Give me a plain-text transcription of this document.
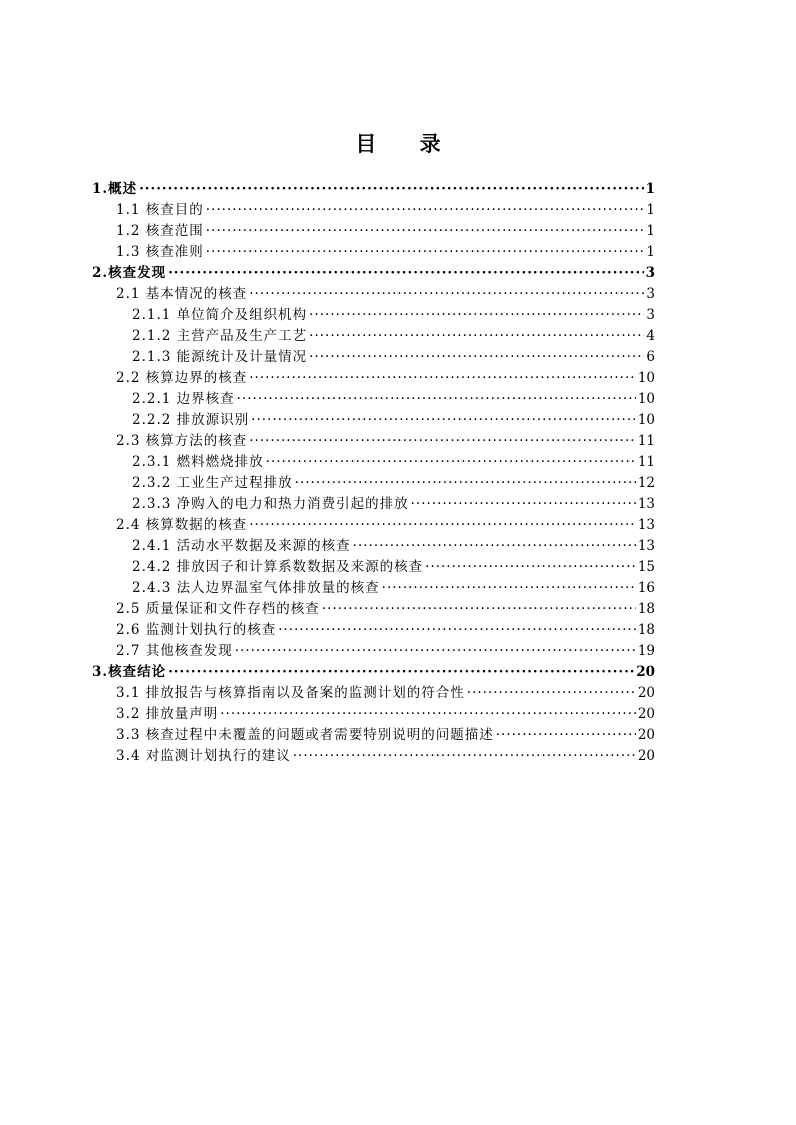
目 录
1.概述 ·····	1
1.1 核查目的 ·····	1
1.2 核查范围 ·····	1
1.3 核查准则 ·····	1
2.核查发现 ·····	3
2.1 基本情况的核查 ·····	3
2.1.1 单位简介及组织机构 ·····	3
2.1.2 主营产品及生产工艺 ·····	4
2.1.3 能源统计及计量情况 ·····	6
2.2 核算边界的核查 ·····	10
2.2.1 边界核查 ·····	10
2.2.2 排放源识别 ·····	10
2.3 核算方法的核查 ·····	11
2.3.1 燃料燃烧排放 ·····	11
2.3.2 工业生产过程排放 ·····	12
2.3.3 净购入的电力和热力消费引起的排放 ·····	13
2.4 核算数据的核查 ·····	13
2.4.1 活动水平数据及来源的核查 ·····	13
2.4.2 排放因子和计算系数数据及来源的核查 ·····	15
2.4.3 法人边界温室气体排放量的核查 ·····	16
2.5 质量保证和文件存档的核查 ·····	18
2.6 监测计划执行的核查 ·····	18
2.7 其他核查发现 ·····	19
3.核查结论 ·····	20
3.1 排放报告与核算指南以及备案的监测计划的符合性 ·····	20
3.2 排放量声明 ·····	20
3.3 核查过程中未覆盖的问题或者需要特别说明的问题描述 ·····	20
3.4 对监测计划执行的建议 ·····	20
